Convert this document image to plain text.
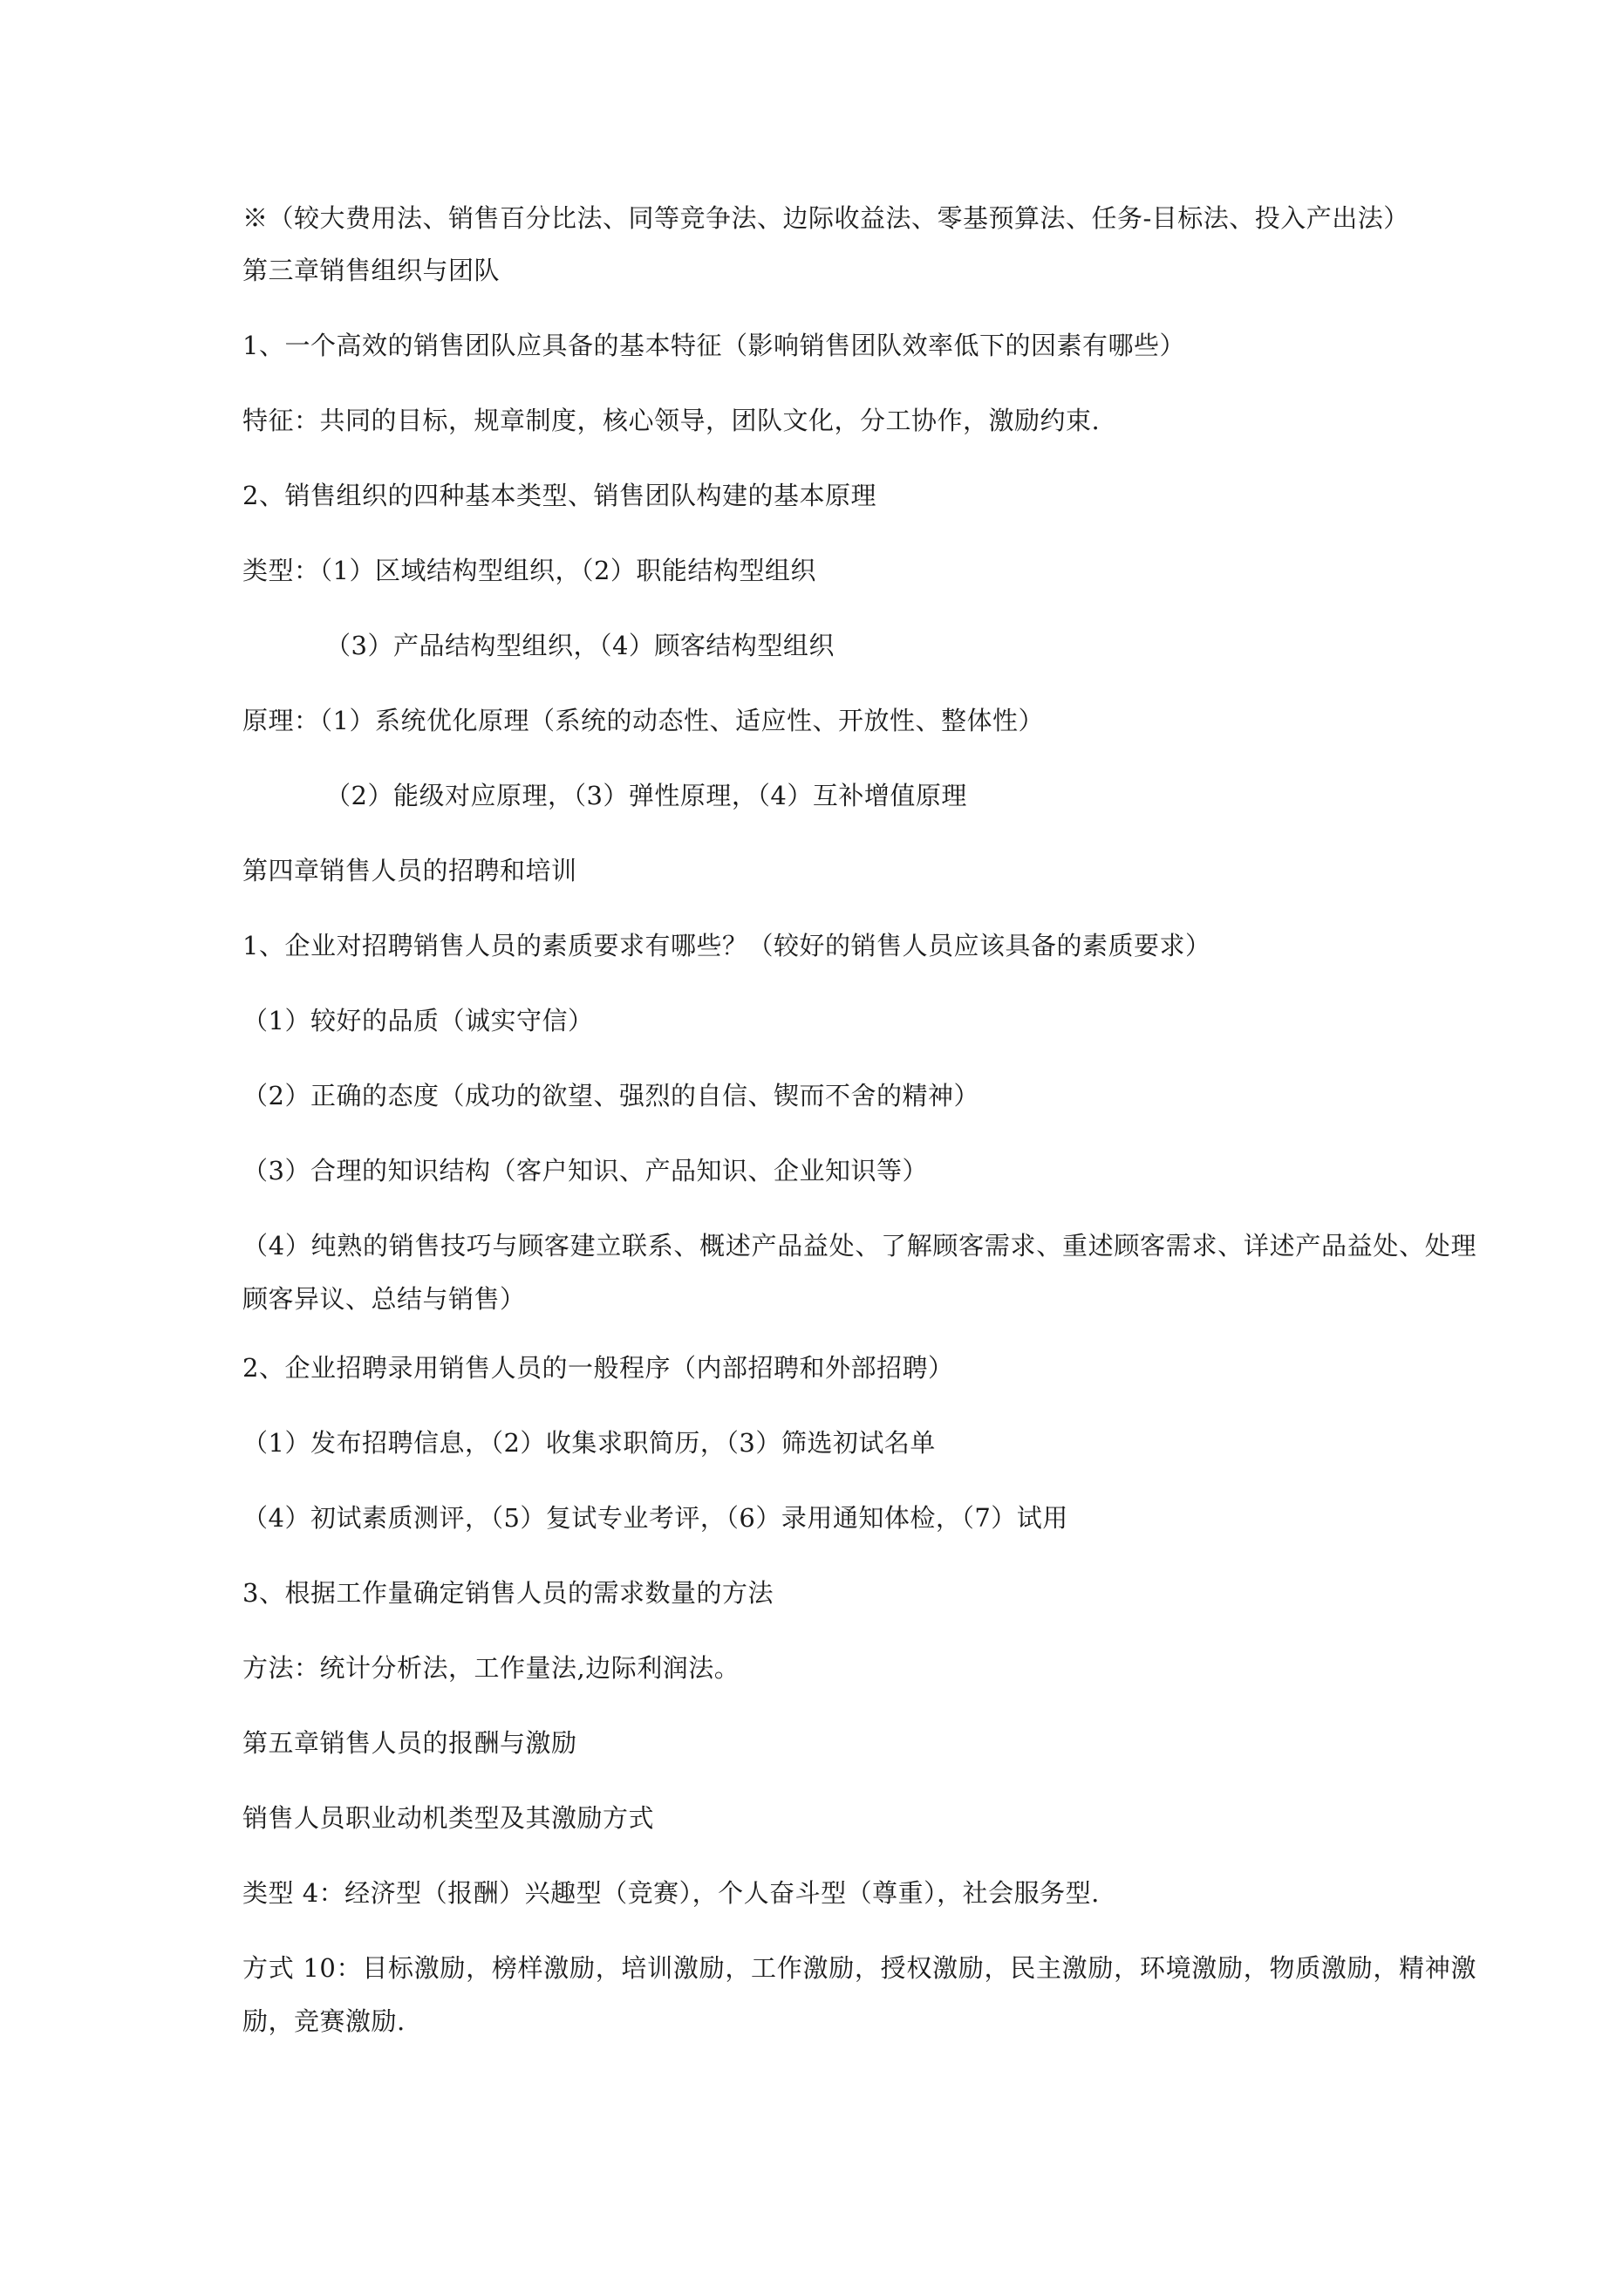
※（较大费用法、销售百分比法、同等竞争法、边际收益法、零基预算法、任务-目标法、投入产出法）
第三章销售组织与团队
1、一个高效的销售团队应具备的基本特征（影响销售团队效率低下的因素有哪些）
特征：共同的目标，规章制度，核心领导，团队文化，分工协作，激励约束.
2、销售组织的四种基本类型、销售团队构建的基本原理
类型：（1）区域结构型组织，（2）职能结构型组织
（3）产品结构型组织，（4）顾客结构型组织
原理：（1）系统优化原理（系统的动态性、适应性、开放性、整体性）
（2）能级对应原理，（3）弹性原理，（4）互补增值原理
第四章销售人员的招聘和培训
1、企业对招聘销售人员的素质要求有哪些？（较好的销售人员应该具备的素质要求）
（1）较好的品质（诚实守信）
（2）正确的态度（成功的欲望、强烈的自信、锲而不舍的精神）
（3）合理的知识结构（客户知识、产品知识、企业知识等）
（4）纯熟的销售技巧与顾客建立联系、概述产品益处、了解顾客需求、重述顾客需求、详述产品益处、处理顾客异议、总结与销售）
2、企业招聘录用销售人员的一般程序（内部招聘和外部招聘）
（1）发布招聘信息，（2）收集求职简历，（3）筛选初试名单
（4）初试素质测评，（5）复试专业考评，（6）录用通知体检，（7）试用
3、根据工作量确定销售人员的需求数量的方法
方法：统计分析法，工作量法,边际利润法。
第五章销售人员的报酬与激励
销售人员职业动机类型及其激励方式
类型 4：经济型（报酬）兴趣型（竞赛），个人奋斗型（尊重），社会服务型.
方式 10：目标激励，榜样激励，培训激励，工作激励，授权激励，民主激励，环境激励，物质激励，精神激励，竞赛激励.
